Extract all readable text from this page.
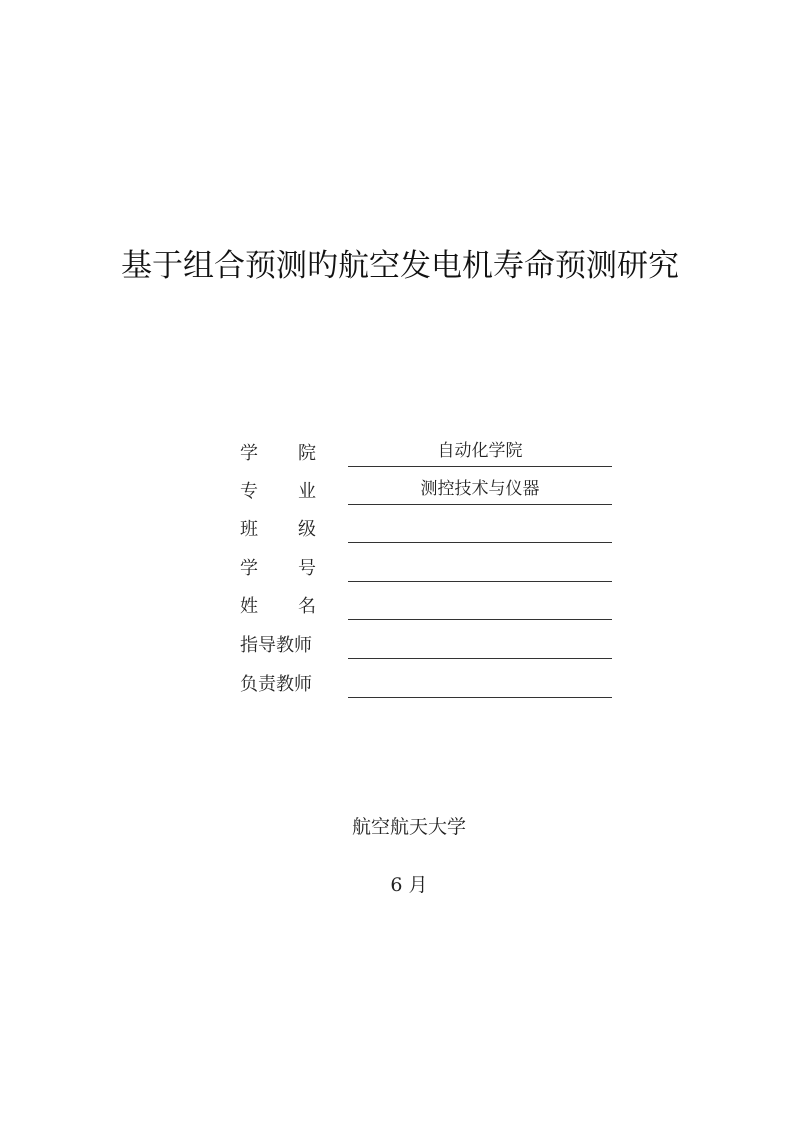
基于组合预测旳航空发电机寿命预测研究
学　　院	自动化学院
专　　业	测控技术与仪器
班　　级
学　　号
姓　　名
指导教师
负责教师
航空航天大学
6 月
